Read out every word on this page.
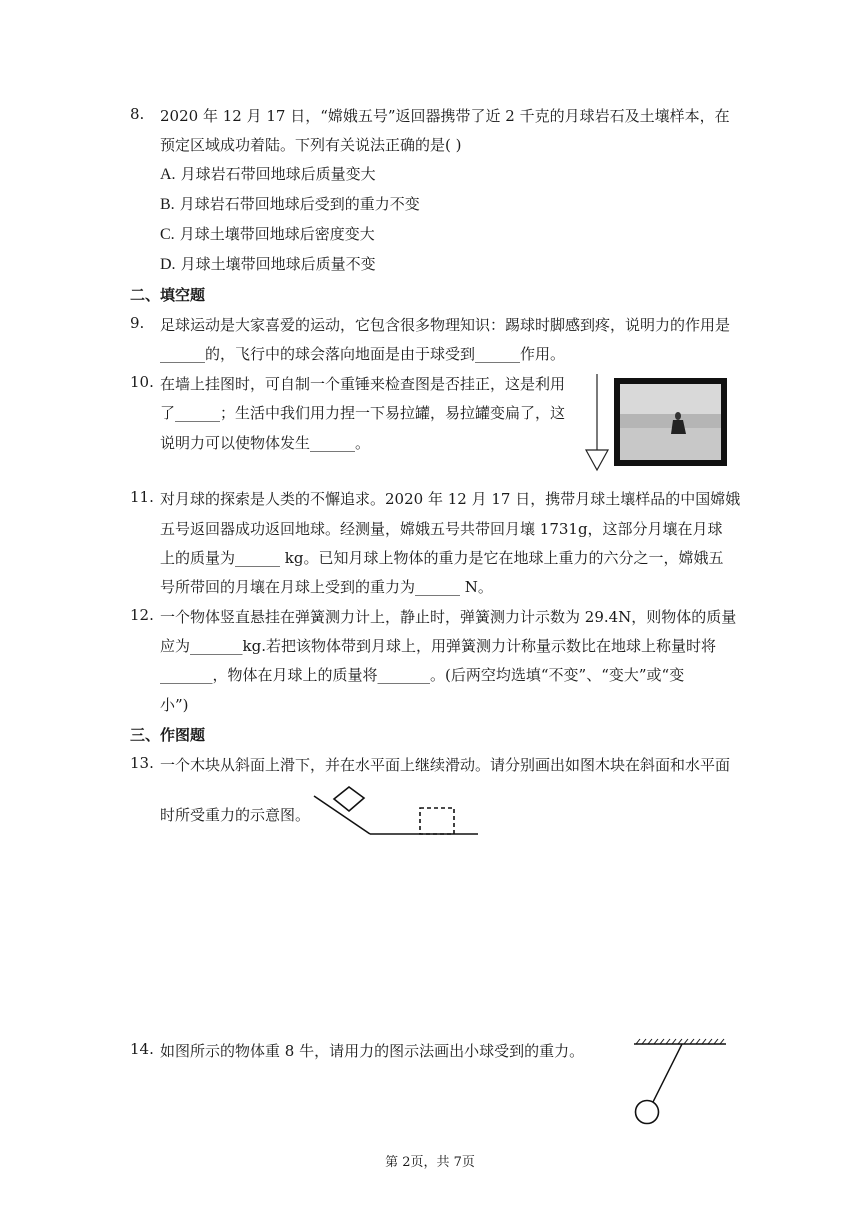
8. 2020 年 12 月 17 日，“嫦娥五号”返回器携带了近 2 千克的月球岩石及土壤样本，在
预定区域成功着陆。下列有关说法正确的是( )
A. 月球岩石带回地球后质量变大
B. 月球岩石带回地球后受到的重力不变
C. 月球土壤带回地球后密度变大
D. 月球土壤带回地球后质量不变
二、填空题
9. 足球运动是大家喜爱的运动，它包含很多物理知识：踢球时脚感到疼，说明力的作用是
______的，飞行中的球会落向地面是由于球受到______作用。
10. 在墙上挂图时，可自制一个重锤来检查图是否挂正，这是利用
了______；生活中我们用力捏一下易拉罐，易拉罐变扁了，这
说明力可以使物体发生______。
11. 对月球的探索是人类的不懈追求。2020 年 12 月 17 日，携带月球土壤样品的中国嫦娥
五号返回器成功返回地球。经测量，嫦娥五号共带回月壤 1731g，这部分月壤在月球
上的质量为______ kg。已知月球上物体的重力是它在地球上重力的六分之一，嫦娥五
号所带回的月壤在月球上受到的重力为______ N。
12. 一个物体竖直悬挂在弹簧测力计上，静止时，弹簧测力计示数为 29.4N，则物体的质量
应为_______kg.若把该物体带到月球上，用弹簧测力计称量示数比在地球上称量时将
_______，物体在月球上的质量将_______。(后两空均选填“不变”、“变大”或“变
小”)
三、作图题
13. 一个木块从斜面上滑下，并在水平面上继续滑动。请分别画出如图木块在斜面和水平面
时所受重力的示意图。
14. 如图所示的物体重 8 牛，请用力的图示法画出小球受到的重力。
第 2页，共 7页
